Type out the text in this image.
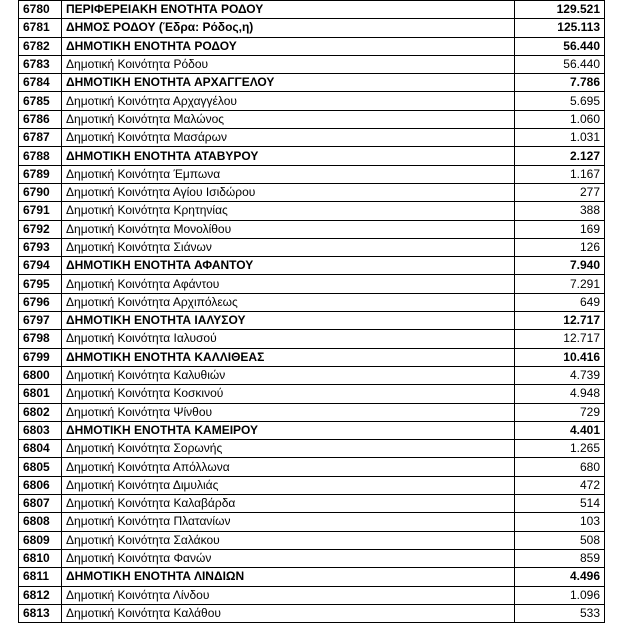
6780	ΠΕΡΙΦΕΡΕΙΑΚΗ ΕΝΟΤΗΤΑ ΡΟΔΟΥ	129.521
6781	ΔΗΜΟΣ ΡΟΔΟΥ (Έδρα: Ρόδος,η)	125.113
6782	ΔΗΜΟΤΙΚΗ ΕΝΟΤΗΤΑ ΡΟΔΟΥ	56.440
6783	Δημοτική Κοινότητα Ρόδου	56.440
6784	ΔΗΜΟΤΙΚΗ ΕΝΟΤΗΤΑ ΑΡΧΑΓΓΕΛΟΥ	7.786
6785	Δημοτική Κοινότητα Αρχαγγέλου	5.695
6786	Δημοτική Κοινότητα Μαλώνος	1.060
6787	Δημοτική Κοινότητα Μασάρων	1.031
6788	ΔΗΜΟΤΙΚΗ ΕΝΟΤΗΤΑ ΑΤΑΒΥΡΟΥ	2.127
6789	Δημοτική Κοινότητα Έμπωνα	1.167
6790	Δημοτική Κοινότητα Αγίου Ισιδώρου	277
6791	Δημοτική Κοινότητα Κρητηνίας	388
6792	Δημοτική Κοινότητα Μονολίθου	169
6793	Δημοτική Κοινότητα Σιάνων	126
6794	ΔΗΜΟΤΙΚΗ ΕΝΟΤΗΤΑ ΑΦΑΝΤΟΥ	7.940
6795	Δημοτική Κοινότητα Αφάντου	7.291
6796	Δημοτική Κοινότητα Αρχιπόλεως	649
6797	ΔΗΜΟΤΙΚΗ ΕΝΟΤΗΤΑ ΙΑΛΥΣΟΥ	12.717
6798	Δημοτική Κοινότητα Ιαλυσού	12.717
6799	ΔΗΜΟΤΙΚΗ ΕΝΟΤΗΤΑ ΚΑΛΛΙΘΕΑΣ	10.416
6800	Δημοτική Κοινότητα Καλυθιών	4.739
6801	Δημοτική Κοινότητα Κοσκινού	4.948
6802	Δημοτική Κοινότητα Ψίνθου	729
6803	ΔΗΜΟΤΙΚΗ ΕΝΟΤΗΤΑ ΚΑΜΕΙΡΟΥ	4.401
6804	Δημοτική Κοινότητα Σορωνής	1.265
6805	Δημοτική Κοινότητα Απόλλωνα	680
6806	Δημοτική Κοινότητα Διμυλιάς	472
6807	Δημοτική Κοινότητα Καλαβάρδα	514
6808	Δημοτική Κοινότητα Πλατανίων	103
6809	Δημοτική Κοινότητα Σαλάκου	508
6810	Δημοτική Κοινότητα Φανών	859
6811	ΔΗΜΟΤΙΚΗ ΕΝΟΤΗΤΑ ΛΙΝΔΙΩΝ	4.496
6812	Δημοτική Κοινότητα Λίνδου	1.096
6813	Δημοτική Κοινότητα Καλάθου	533
